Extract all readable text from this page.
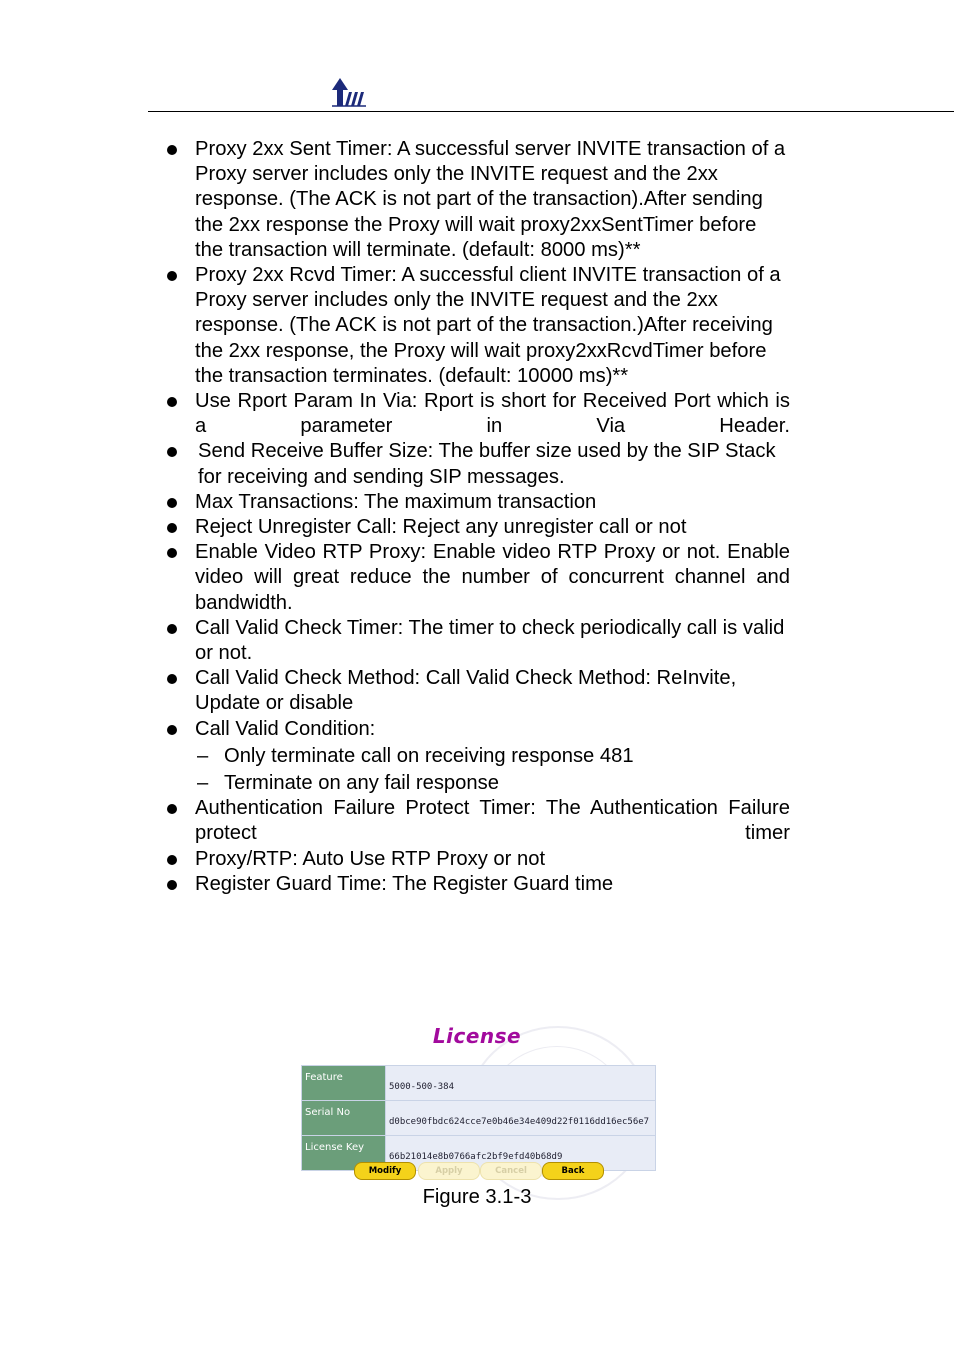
Proxy 2xx Sent Timer: A successful server INVITE transaction of a Proxy server includes only the INVITE request and the 2xx response. (The ACK is not part of the transaction).After sending the 2xx response the Proxy will wait proxy2xxSentTimer before the transaction will terminate. (default: 8000 ms)**
Proxy 2xx Rcvd Timer: A successful client INVITE transaction of a Proxy server includes only the INVITE request and the 2xx response. (The ACK is not part of the transaction.)After receiving the 2xx response, the Proxy will wait proxy2xxRcvdTimer before the transaction terminates. (default: 10000 ms)**
Use Rport Param In Via: Rport is short for Received Port which is a parameter in Via Header.
Send Receive Buffer Size: The buffer size used by the SIP Stack for receiving and sending SIP messages.
Max Transactions: The maximum transaction
Reject Unregister Call: Reject any unregister call or not
Enable Video RTP Proxy: Enable video RTP Proxy or not. Enable video will great reduce the number of concurrent channel and bandwidth.
Call Valid Check Timer: The timer to check periodically call is valid or not.
Call Valid Check Method: Call Valid Check Method: ReInvite, Update or disable
Call Valid Condition:
– Only terminate call on receiving response 481
– Terminate on any fail response
Authentication Failure Protect Timer: The Authentication Failure protect timer
Proxy/RTP: Auto Use RTP Proxy or not
Register Guard Time: The Register Guard time
License
Feature	5000-500-384
Serial No	d0bce90fbdc624cce7e0b46e34e409d22f0116dd16ec56e7
License Key	66b21014e8b0766afc2bf9efd40b68d9
Modify	Apply	Cancel	Back
Figure 3.1-3
